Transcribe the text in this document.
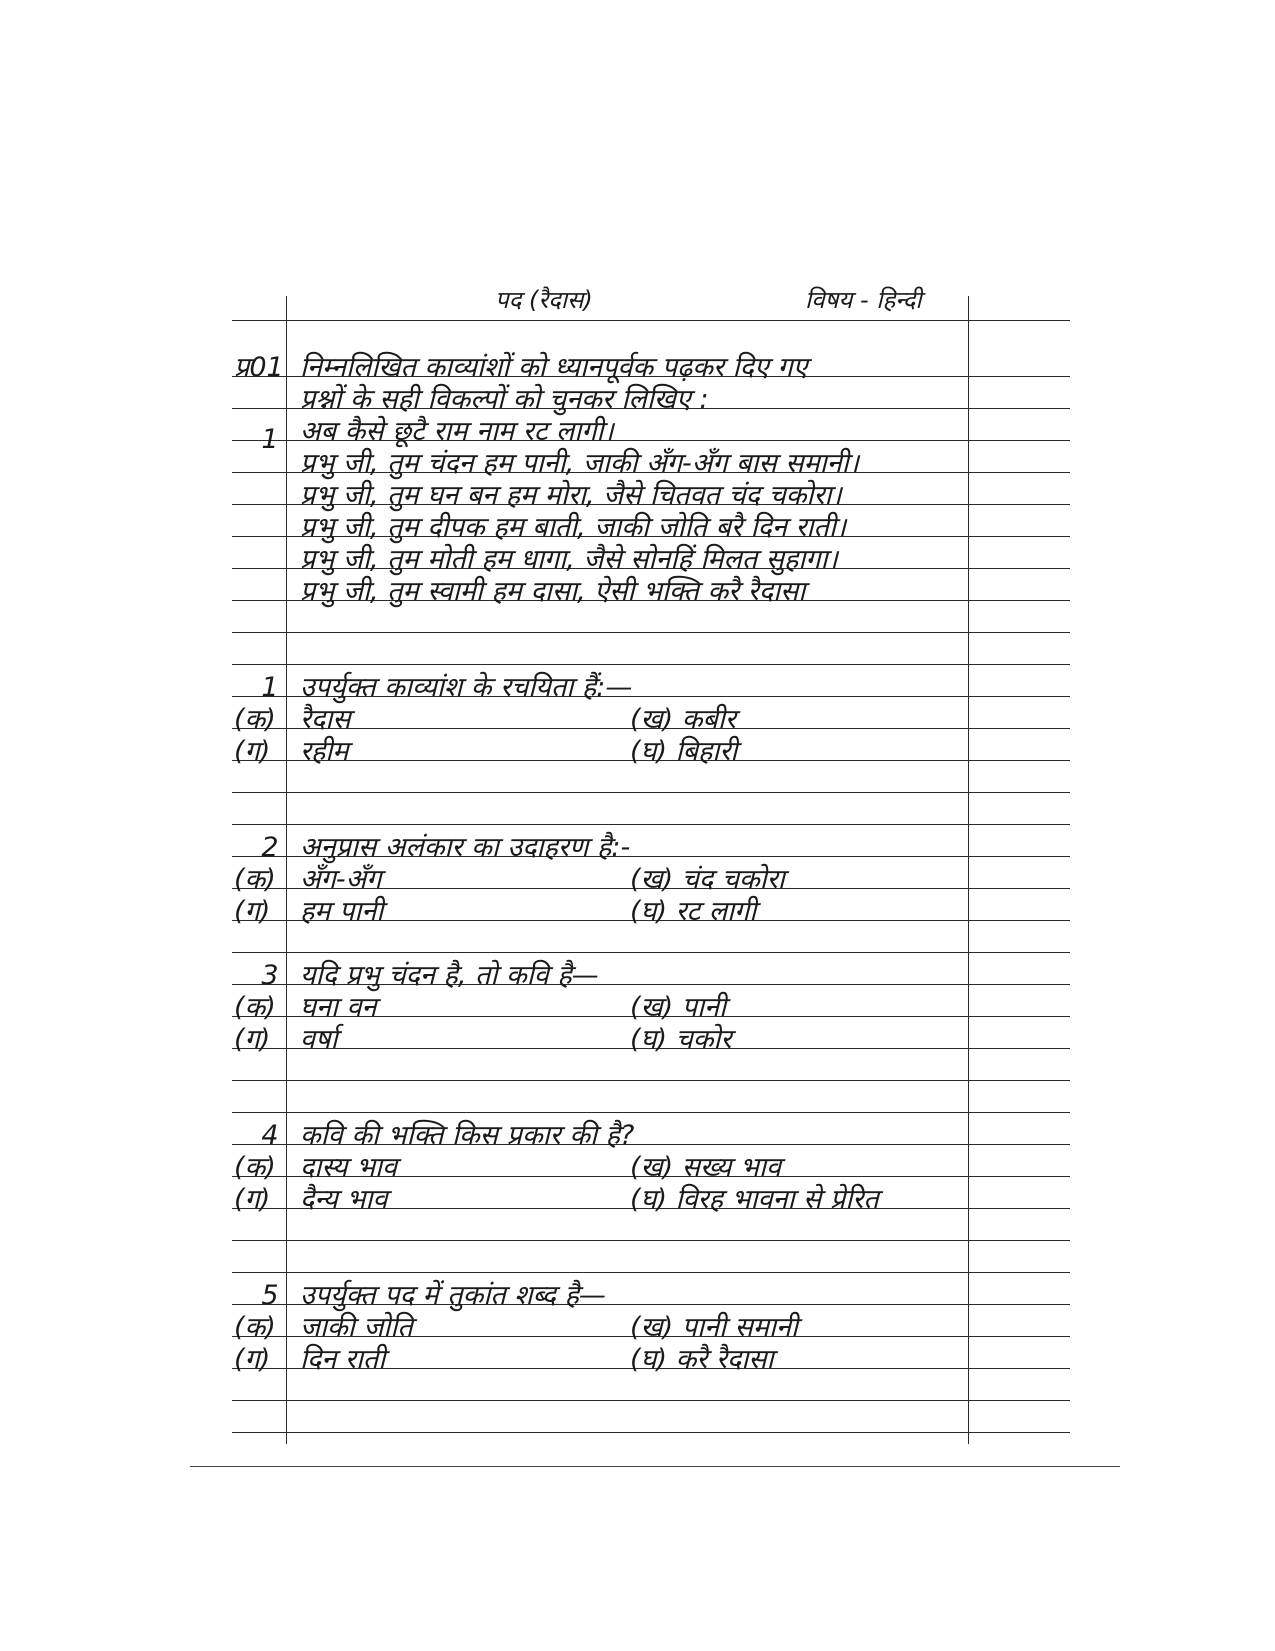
पद (रैदास)	विषय - हिन्दी
प्र01 निम्नलिखित काव्यांशों को ध्यानपूर्वक पढ़कर दिए गए
प्रश्नों के सही विकल्पों को चुनकर लिखिए :
1 अब कैसे छूटै राम नाम रट लागी।
प्रभु जी, तुम चंदन हम पानी, जाकी अँग-अँग बास समानी।
प्रभु जी, तुम घन बन हम मोरा, जैसे चितवत चंद चकोरा।
प्रभु जी, तुम दीपक हम बाती, जाकी जोति बरै दिन राती।
प्रभु जी, तुम मोती हम धागा, जैसे सोनहिं मिलत सुहागा।
प्रभु जी, तुम स्वामी हम दासा, ऐसी भक्ति करै रैदासा
1 उपर्युक्त काव्यांश के रचयिता हैं:—
(क) रैदास	(ख) कबीर
(ग)	रहीम	(घ) बिहारी
2 अनुप्रास अलंकार का उदाहरण है:-
(क) अँग-अँग	(ख) चंद चकोरा
(ग)	हम पानी	(घ) रट लागी
3 यदि प्रभु चंदन है, तो कवि है—
(क) घना वन	(ख) पानी
(ग)	वर्षा	(घ) चकोर
4 कवि की भक्ति किस प्रकार की है?
(क) दास्य भाव	(ख) सख्य भाव
(ग)	दैन्य भाव	(घ) विरह भावना से प्रेरित
5 उपर्युक्त पद में तुकांत शब्द है—
(क) जाकी जोति	(ख) पानी समानी
(ग)	दिन राती	(घ) करै रैदासा
